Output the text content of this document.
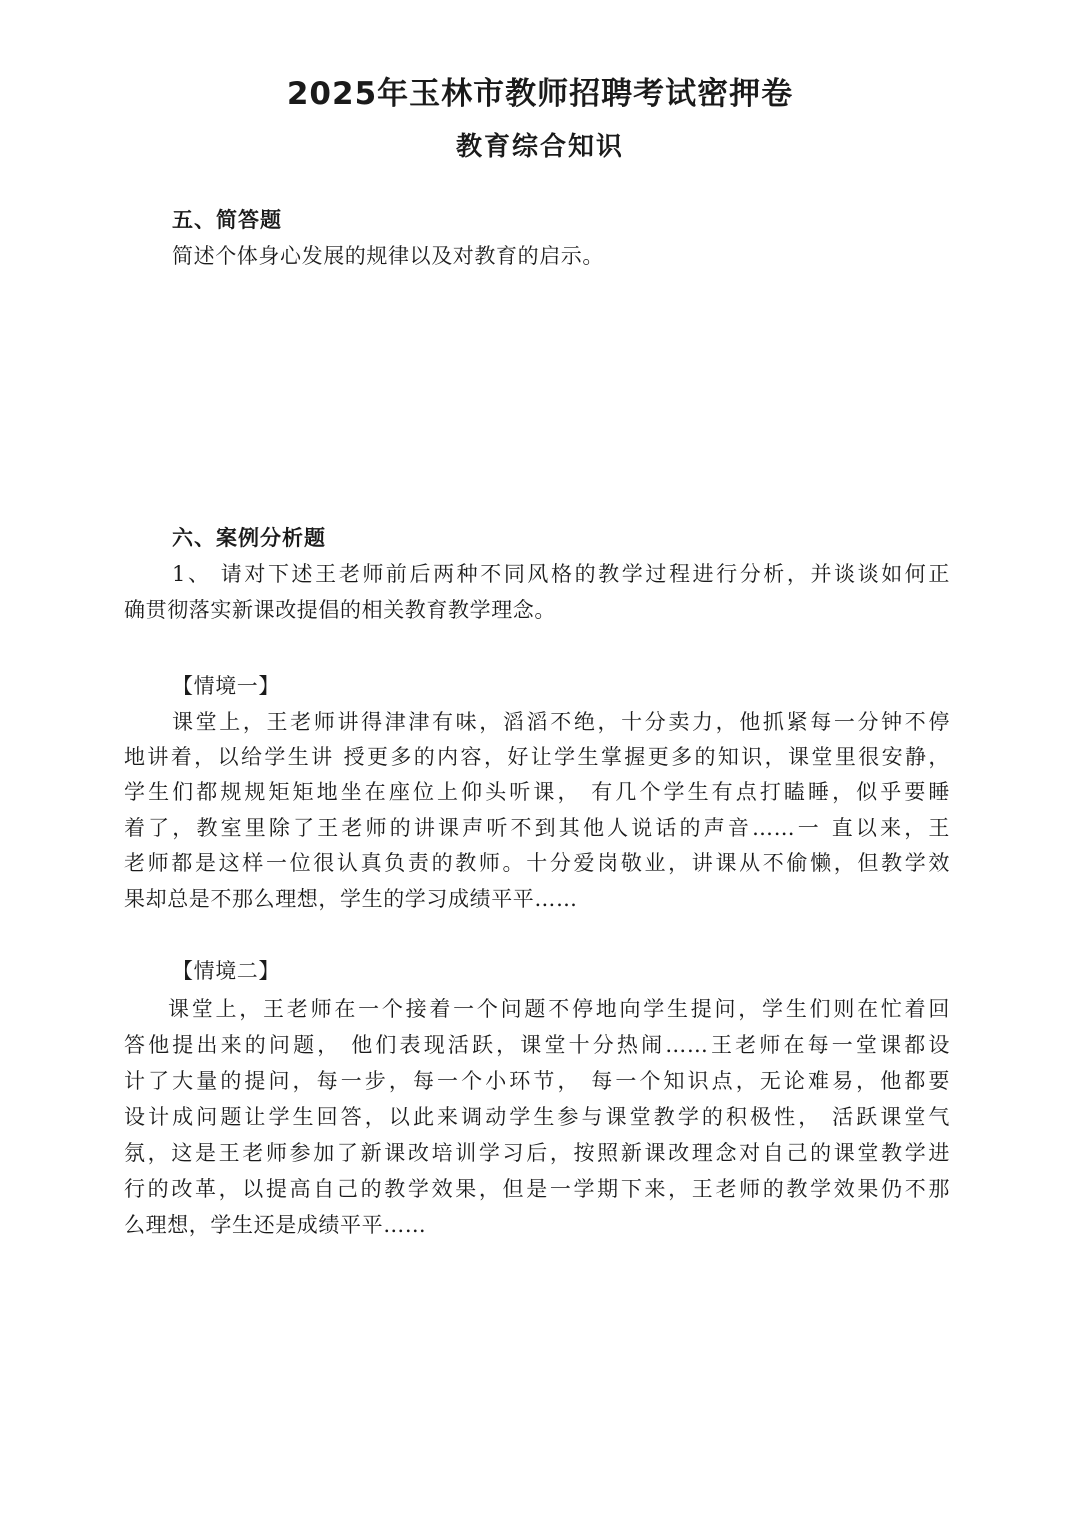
2025年玉林市教师招聘考试密押卷
教育综合知识
五、简答题
简述个体身心发展的规律以及对教育的启示。
六、案例分析题
1、 请对下述王老师前后两种不同风格的教学过程进行分析，并谈谈如何正
确贯彻落实新课改提倡的相关教育教学理念。
【情境一】
课堂上，王老师讲得津津有味，滔滔不绝，十分卖力，他抓紧每一分钟不停
地讲着，以给学生讲 授更多的内容，好让学生掌握更多的知识，课堂里很安静，
学生们都规规矩矩地坐在座位上仰头听课， 有几个学生有点打瞌睡，似乎要睡
着了，教室里除了王老师的讲课声听不到其他人说话的声音……一 直以来，王
老师都是这样一位很认真负责的教师。十分爱岗敬业，讲课从不偷懒，但教学效
果却总是不那么理想，学生的学习成绩平平……
【情境二】
课堂上，王老师在一个接着一个问题不停地向学生提问，学生们则在忙着回
答他提出来的问题， 他们表现活跃，课堂十分热闹……王老师在每一堂课都设
计了大量的提问，每一步，每一个小环节， 每一个知识点，无论难易，他都要
设计成问题让学生回答，以此来调动学生参与课堂教学的积极性， 活跃课堂气
氛，这是王老师参加了新课改培训学习后，按照新课改理念对自己的课堂教学进
行的改革，以提高自己的教学效果，但是一学期下来，王老师的教学效果仍不那
么理想，学生还是成绩平平……
